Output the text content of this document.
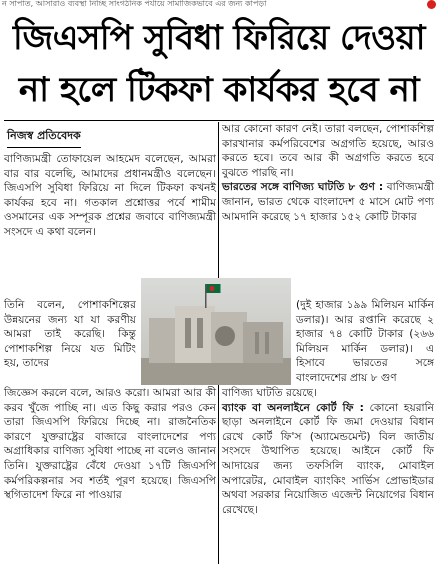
ন সাপাত, আসারাও ব্যবস্থা নিচ্ছি সাংগঠনিক পর্যায়ে সামাজিকভাবে এর জন্য কাপড়া
জিএসপি সুবিধা ফিরিয়ে দেওয়া
না হলে টিকফা কার্যকর হবে না
নিজস্ব প্রতিবেদক

বাণিজ্যমন্ত্রী তোফায়েল আহমেদ বলেছেন, আমরা বার বার বলেছি, আমাদের প্রধানমন্ত্রীও বলেছেন। জিএসপি সুবিধা ফিরিয়ে না দিলে টিকফা কখনই কার্যকর হবে না। গতকাল প্রশ্নোত্তর পর্বে শামীম ওসমানের এক সম্পূরক প্রশ্নের জবাবে বাণিজ্যমন্ত্রী সংসদে এ কথা বলেন।

তিনি বলেন, পোশাকশিল্পের উন্নয়নের জন্য যা যা করণীয় আমরা তাই করেছি। কিন্তু পোশাকশিল্প নিয়ে যত মিটিং হয়, তাদের

জিজ্ঞেস করলে বলে, আরও করো। আমরা আর কী করব খুঁজে পাচ্ছি না। এত কিছু করার পরও কেন তারা জিএসপি ফিরিয়ে দিচ্ছে না। রাজনৈতিক কারণে যুক্তরাষ্ট্রের বাজারে বাংলাদেশের পণ্য অগ্রাধিকার বাণিজ্য সুবিধা পাচ্ছে না বলেও জানান তিনি। যুক্তরাষ্ট্রের বেঁধে দেওয়া ১৭টি জিএসপি কর্মপরিকল্পনার সব শর্তই পূরণ হয়েছে। জিএসপি স্থগিতাদেশ ফিরে না পাওয়ার

আর কোনো কারণ নেই। তারা বলছেন, পোশাকশিল্প কারখানার কর্মপরিবেশের অগ্রগতি হয়েছে, আরও করতে হবে। তবে আর কী অগ্রগতি করতে হবে বুঝতে পারছি না।

ভারতের সঙ্গে বাণিজ্য ঘাটতি ৮ গুণ : বাণিজ্যমন্ত্রী জানান, ভারত থেকে বাংলাদেশ ৫ মাসে মোট পণ্য আমদানি করেছে ১৭ হাজার ১৫২ কোটি টাকার

(দুই হাজার ১৯৯ মিলিয়ন মার্কিন ডলার)। আর রপ্তানি করেছে ২ হাজার ৭৪ কোটি টাকার (২৬৬ মিলিয়ন মার্কিন ডলার)। এ হিসাবে ভারতের সঙ্গে বাংলাদেশের প্রায় ৮ গুণ

বাণিজ্য ঘাটতি রয়েছে।

ব্যাংক বা অনলাইনে কোর্ট ফি : কোনো হয়রানি ছাড়া অনলাইনে কোর্ট ফি জমা দেওয়ার বিধান রেখে কোর্ট ফি'স (অ্যামেন্ডমেন্ট) বিল জাতীয় সংসদে উত্থাপিত হয়েছে। আইনে কোর্ট ফি আদায়ের জন্য তফসিলি ব্যাংক, মোবাইল অপারেটর, মোবাইল ব্যাংকিং সার্ভিস প্রোভাইডার অথবা সরকার নিয়োজিত এজেন্ট নিয়োগের বিধান রেখেছে।
